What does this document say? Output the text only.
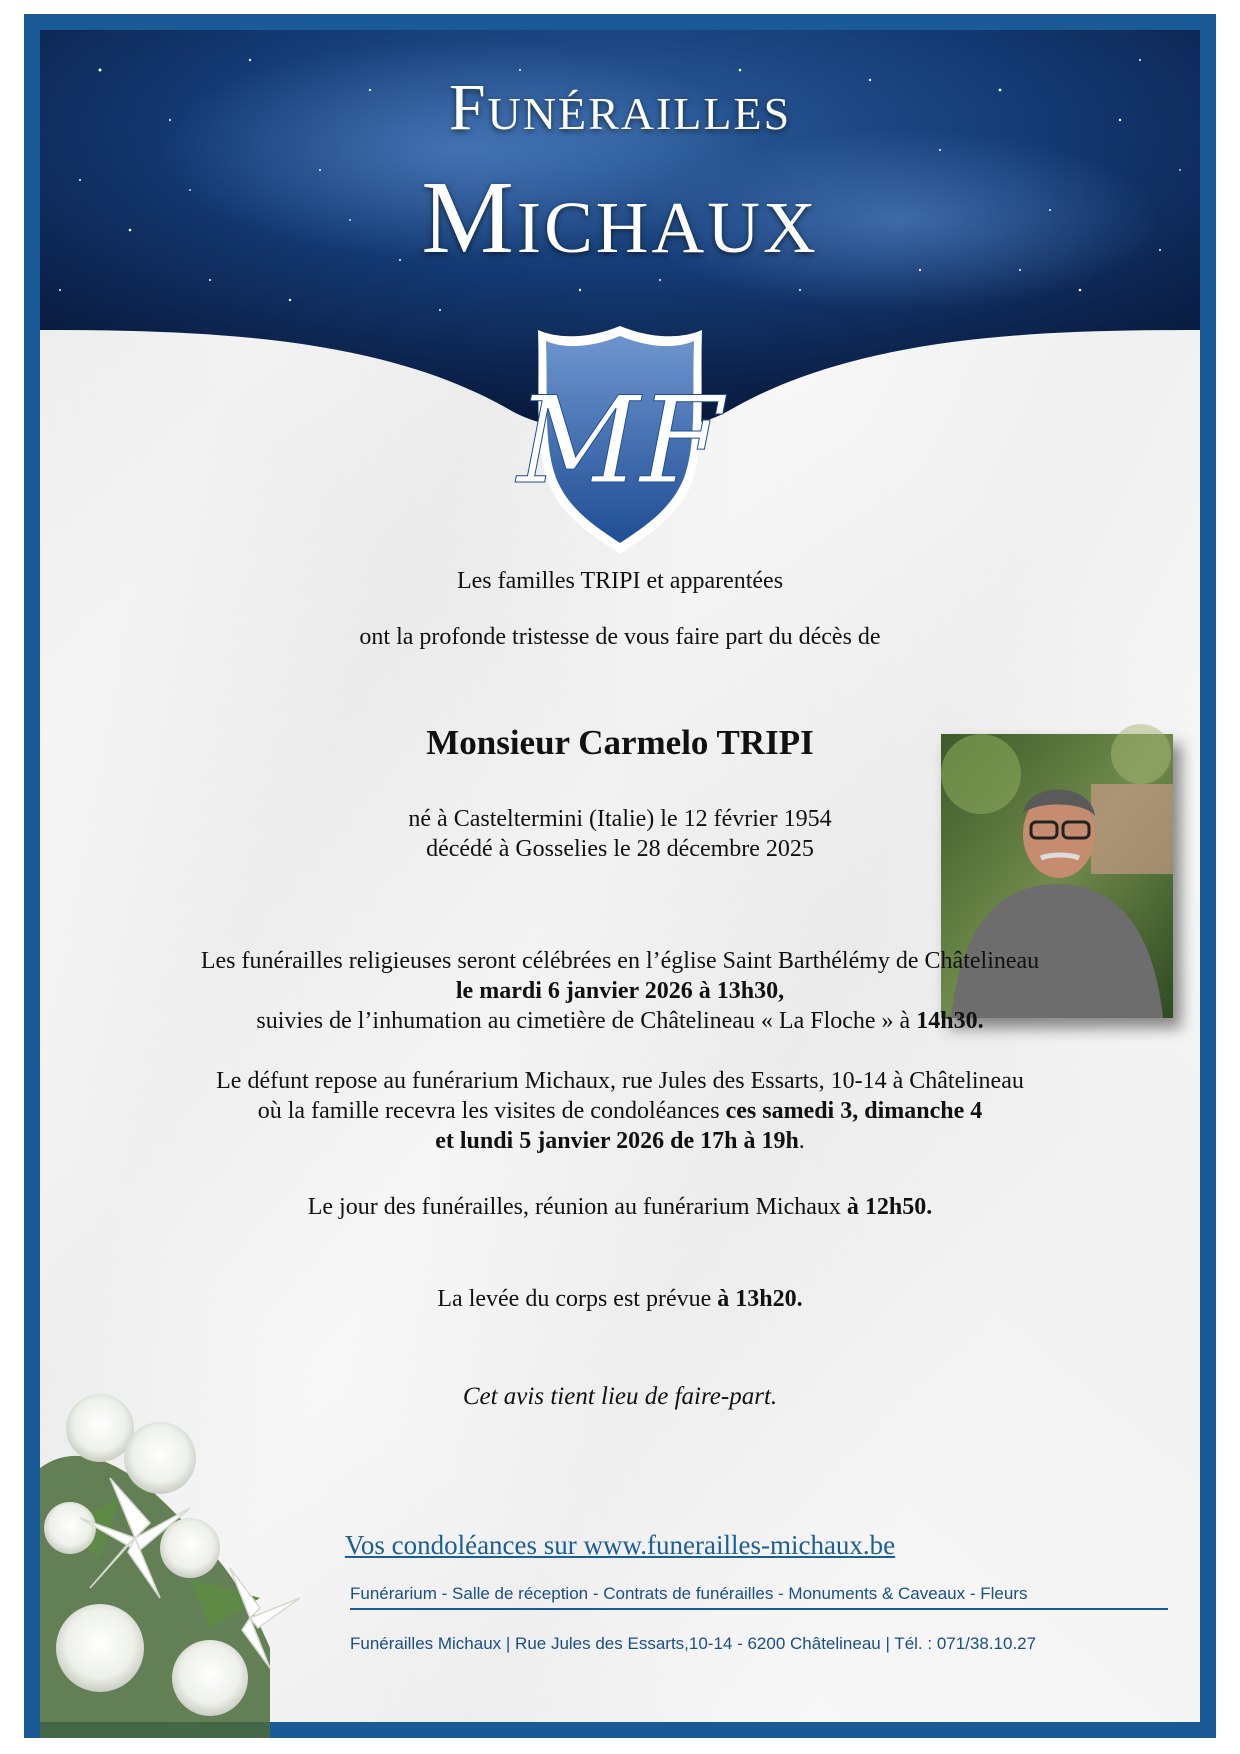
Funérailles
Michaux
MF
Les familles TRIPI et apparentées
ont la profonde tristesse de vous faire part du décès de
Monsieur Carmelo TRIPI
né à Casteltermini (Italie) le 12 février 1954
décédé à Gosselies le 28 décembre 2025
Les funérailles religieuses seront célébrées en l’église Saint Barthélémy de Châtelineau
le mardi 6 janvier 2026 à 13h30,
suivies de l’inhumation au cimetière de Châtelineau « La Floche » à 14h30.
Le défunt repose au funérarium Michaux, rue Jules des Essarts, 10-14 à Châtelineau
où la famille recevra les visites de condoléances ces samedi 3, dimanche 4
et lundi 5 janvier 2026 de 17h à 19h.
Le jour des funérailles, réunion au funérarium Michaux à 12h50.
La levée du corps est prévue à 13h20.
Cet avis tient lieu de faire-part.
Vos condoléances sur www.funerailles-michaux.be
Funérarium - Salle de réception - Contrats de funérailles - Monuments & Caveaux - Fleurs
Funérailles Michaux | Rue Jules des Essarts,10-14 - 6200 Châtelineau | Tél. : 071/38.10.27
